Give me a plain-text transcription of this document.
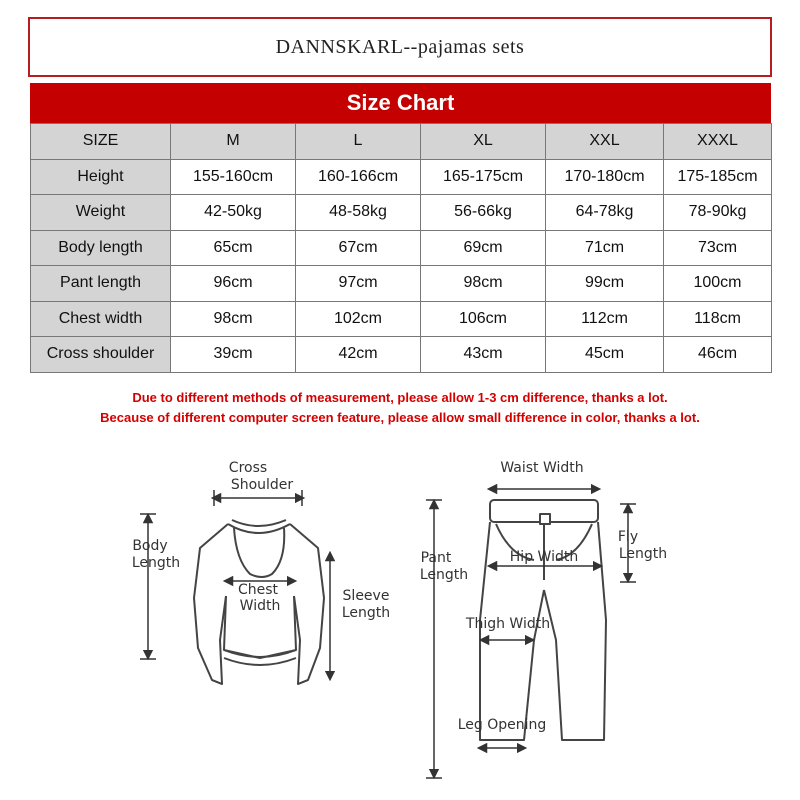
DANNSKARL--pajamas sets
Size Chart
SIZE	M	L	XL	XXL	XXXL
Height	155-160cm	160-166cm	165-175cm	170-180cm	175-185cm
Weight	42-50kg	48-58kg	56-66kg	64-78kg	78-90kg
Body length	65cm	67cm	69cm	71cm	73cm
Pant length	96cm	97cm	98cm	99cm	100cm
Chest width	98cm	102cm	106cm	112cm	118cm
Cross shoulder	39cm	42cm	43cm	45cm	46cm
Due to different methods of measurement, please allow 1-3 cm difference, thanks a lot.
Because of different computer screen feature, please allow small difference in color, thanks a lot.
Cross
Shoulder
Body
Length
Chest
Width
Sleeve
Length
Waist Width
Pant
Length
Hip Width
Fly
Length
Thigh Width
Leg Opening
